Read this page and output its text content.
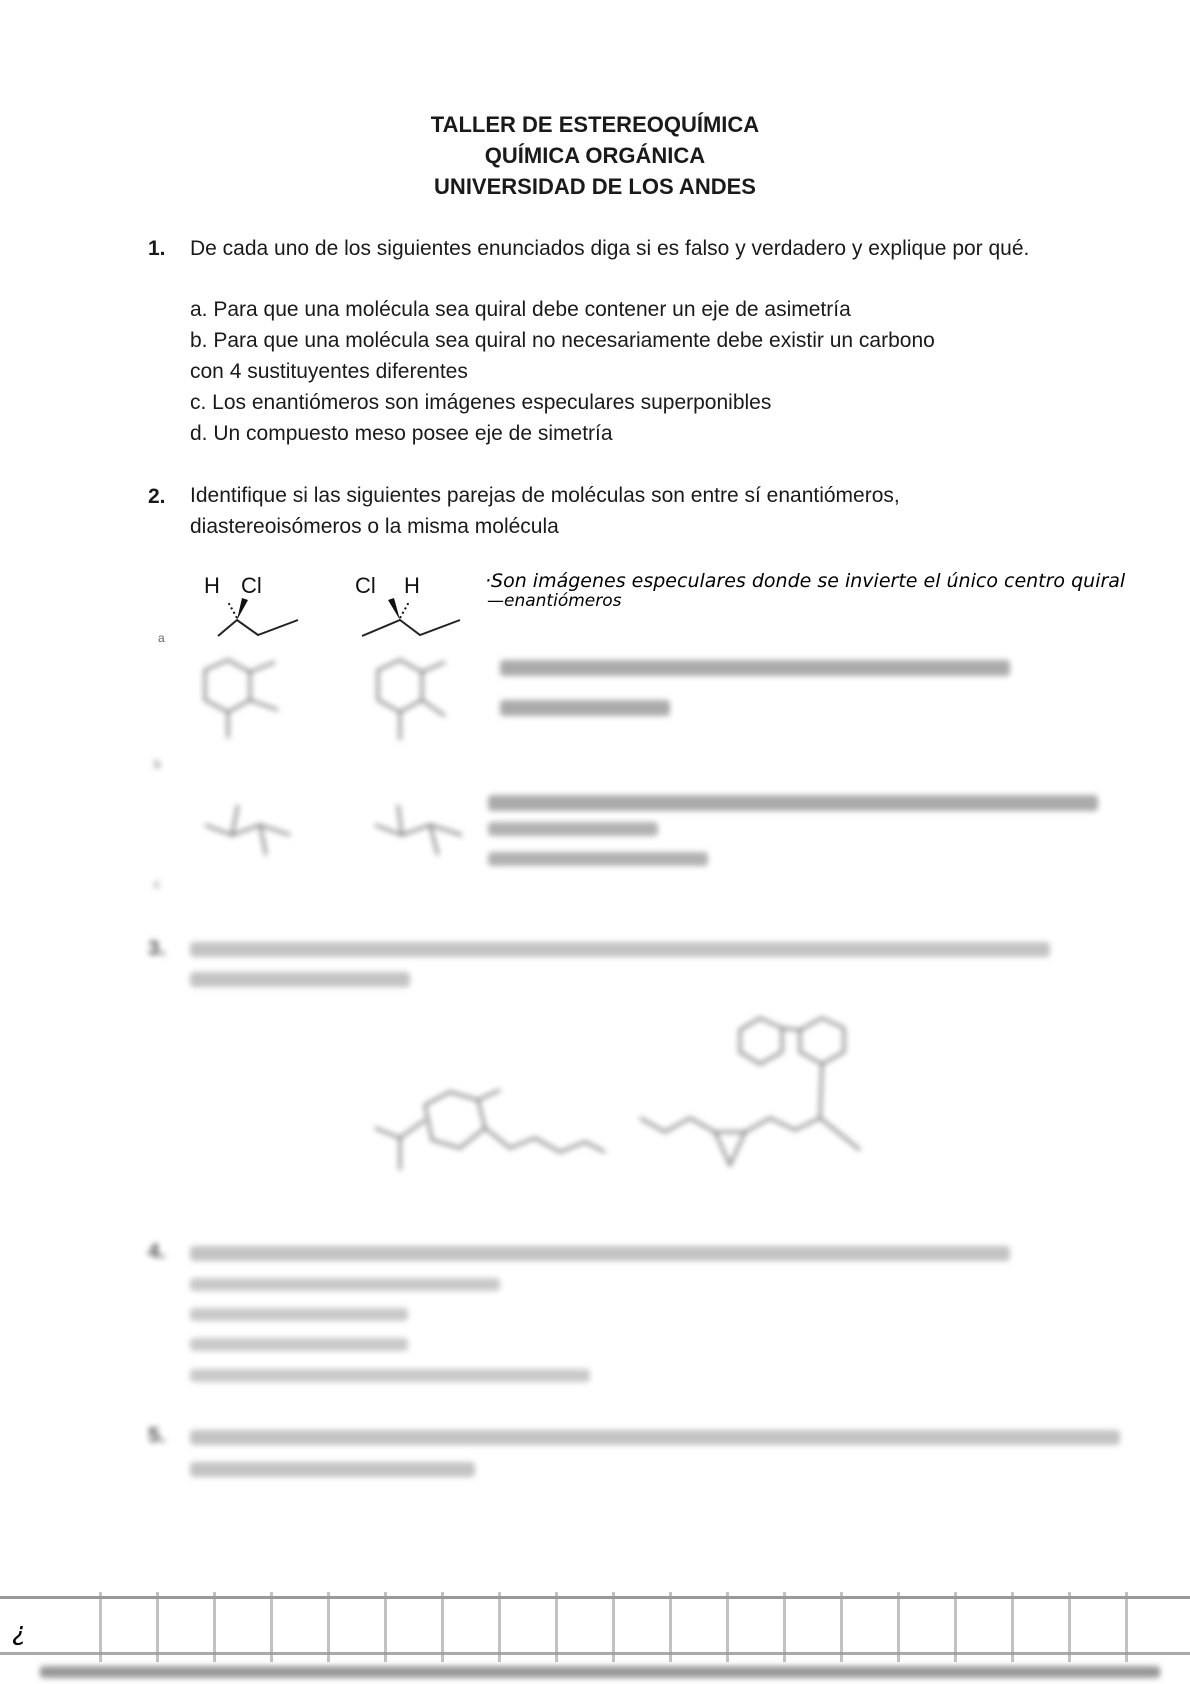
TALLER DE ESTEREOQUÍMICA
QUÍMICA ORGÁNICA
UNIVERSIDAD DE LOS ANDES
1. De cada uno de los siguientes enunciados diga si es falso y verdadero y explique por qué.
a. Para que una molécula sea quiral debe contener un eje de asimetría
b. Para que una molécula sea quiral no necesariamente debe existir un carbono
con 4 sustituyentes diferentes
c. Los enantiómeros son imágenes especulares superponibles
d. Un compuesto meso posee eje de simetría
2. Identifique si las siguientes parejas de moléculas son entre sí enantiómeros,
diastereoisómeros o la misma molécula
H Cl	Cl H
a
·Son imágenes especulares donde se invierte el único centro quiral
—enantiómeros
b
c
3.
4.
5.
¿
